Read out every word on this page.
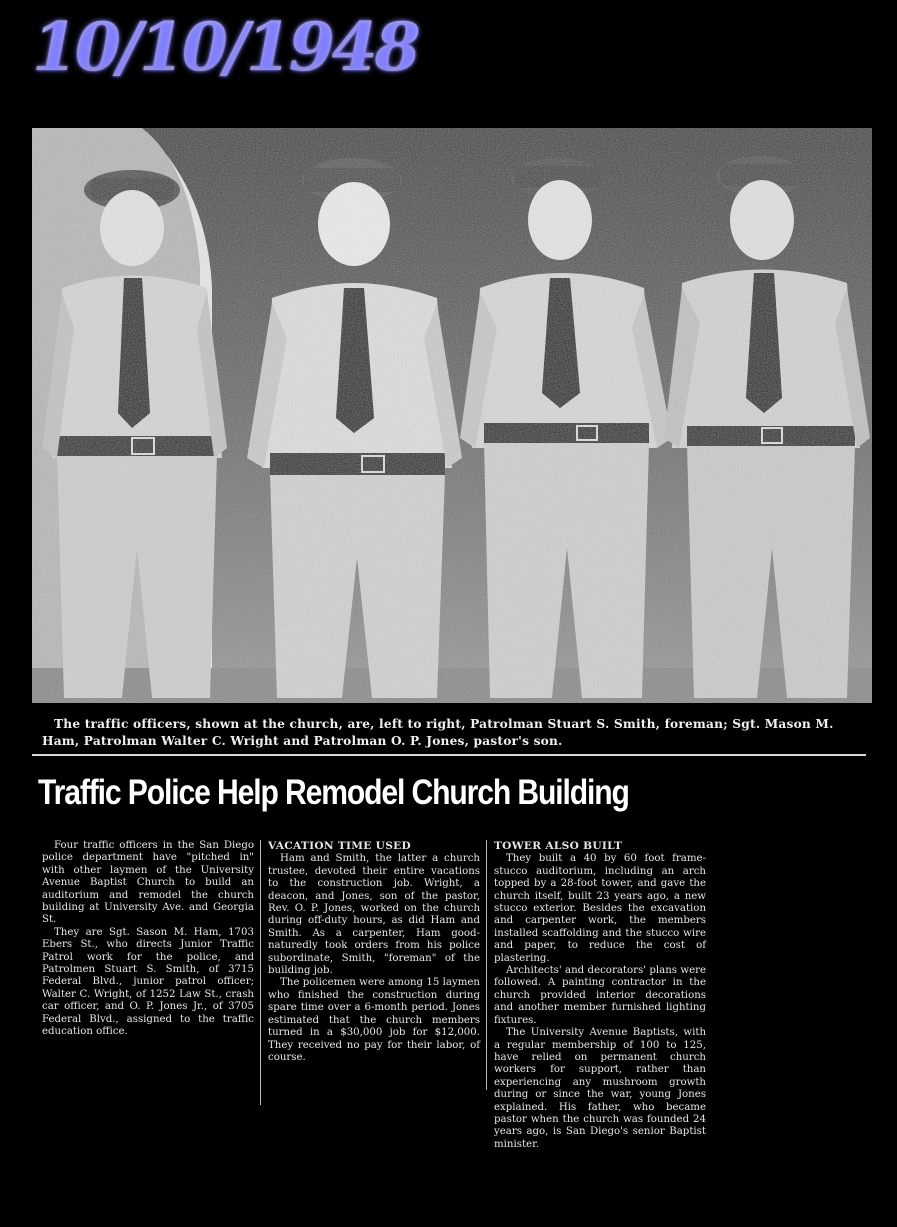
10/10/1948
The traffic officers, shown at the church, are, left to right, Patrolman Stuart S. Smith, foreman; Sgt. Mason M. Ham, Patrolman Walter C. Wright and Patrolman O. P. Jones, pastor's son.
Traffic Police Help Remodel Church Building

Four traffic officers in the San Diego police department have "pitched in" with other laymen of the University Avenue Baptist Church to build an auditorium and remodel the church building at University Ave. and Georgia St.

They are Sgt. Sason M. Ham, 1703 Ebers St., who directs Junior Traffic Patrol work for the police, and Patrolmen Stuart S. Smith, of 3715 Federal Blvd., junior patrol officer; Walter C. Wright, of 1252 Law St., crash car officer, and O. P. Jones Jr., of 3705 Federal Blvd., assigned to the traffic education office.

VACATION TIME USED

Ham and Smith, the latter a church trustee, devoted their entire vacations to the construction job. Wright, a deacon, and Jones, son of the pastor, Rev. O. P. Jones, worked on the church during off-duty hours, as did Ham and Smith. As a carpenter, Ham good-naturedly took orders from his police subordinate, Smith, "foreman" of the building job.

The policemen were among 15 laymen who finished the construction during spare time over a 6-month period. Jones estimated that the church members turned in a $30,000 job for $12,000. They received no pay for their labor, of course.

TOWER ALSO BUILT

They built a 40 by 60 foot frame-stucco auditorium, including an arch topped by a 28-foot tower, and gave the church itself, built 23 years ago, a new stucco exterior. Besides the excavation and carpenter work, the members installed scaffolding and the stucco wire and paper, to reduce the cost of plastering.

Architects' and decorators' plans were followed. A painting contractor in the church provided interior decorations and another member furnished lighting fixtures.

The University Avenue Baptists, with a regular membership of 100 to 125, have relied on permanent church workers for support, rather than experiencing any mushroom growth during or since the war, young Jones explained. His father, who became pastor when the church was founded 24 years ago, is San Diego's senior Baptist minister.
